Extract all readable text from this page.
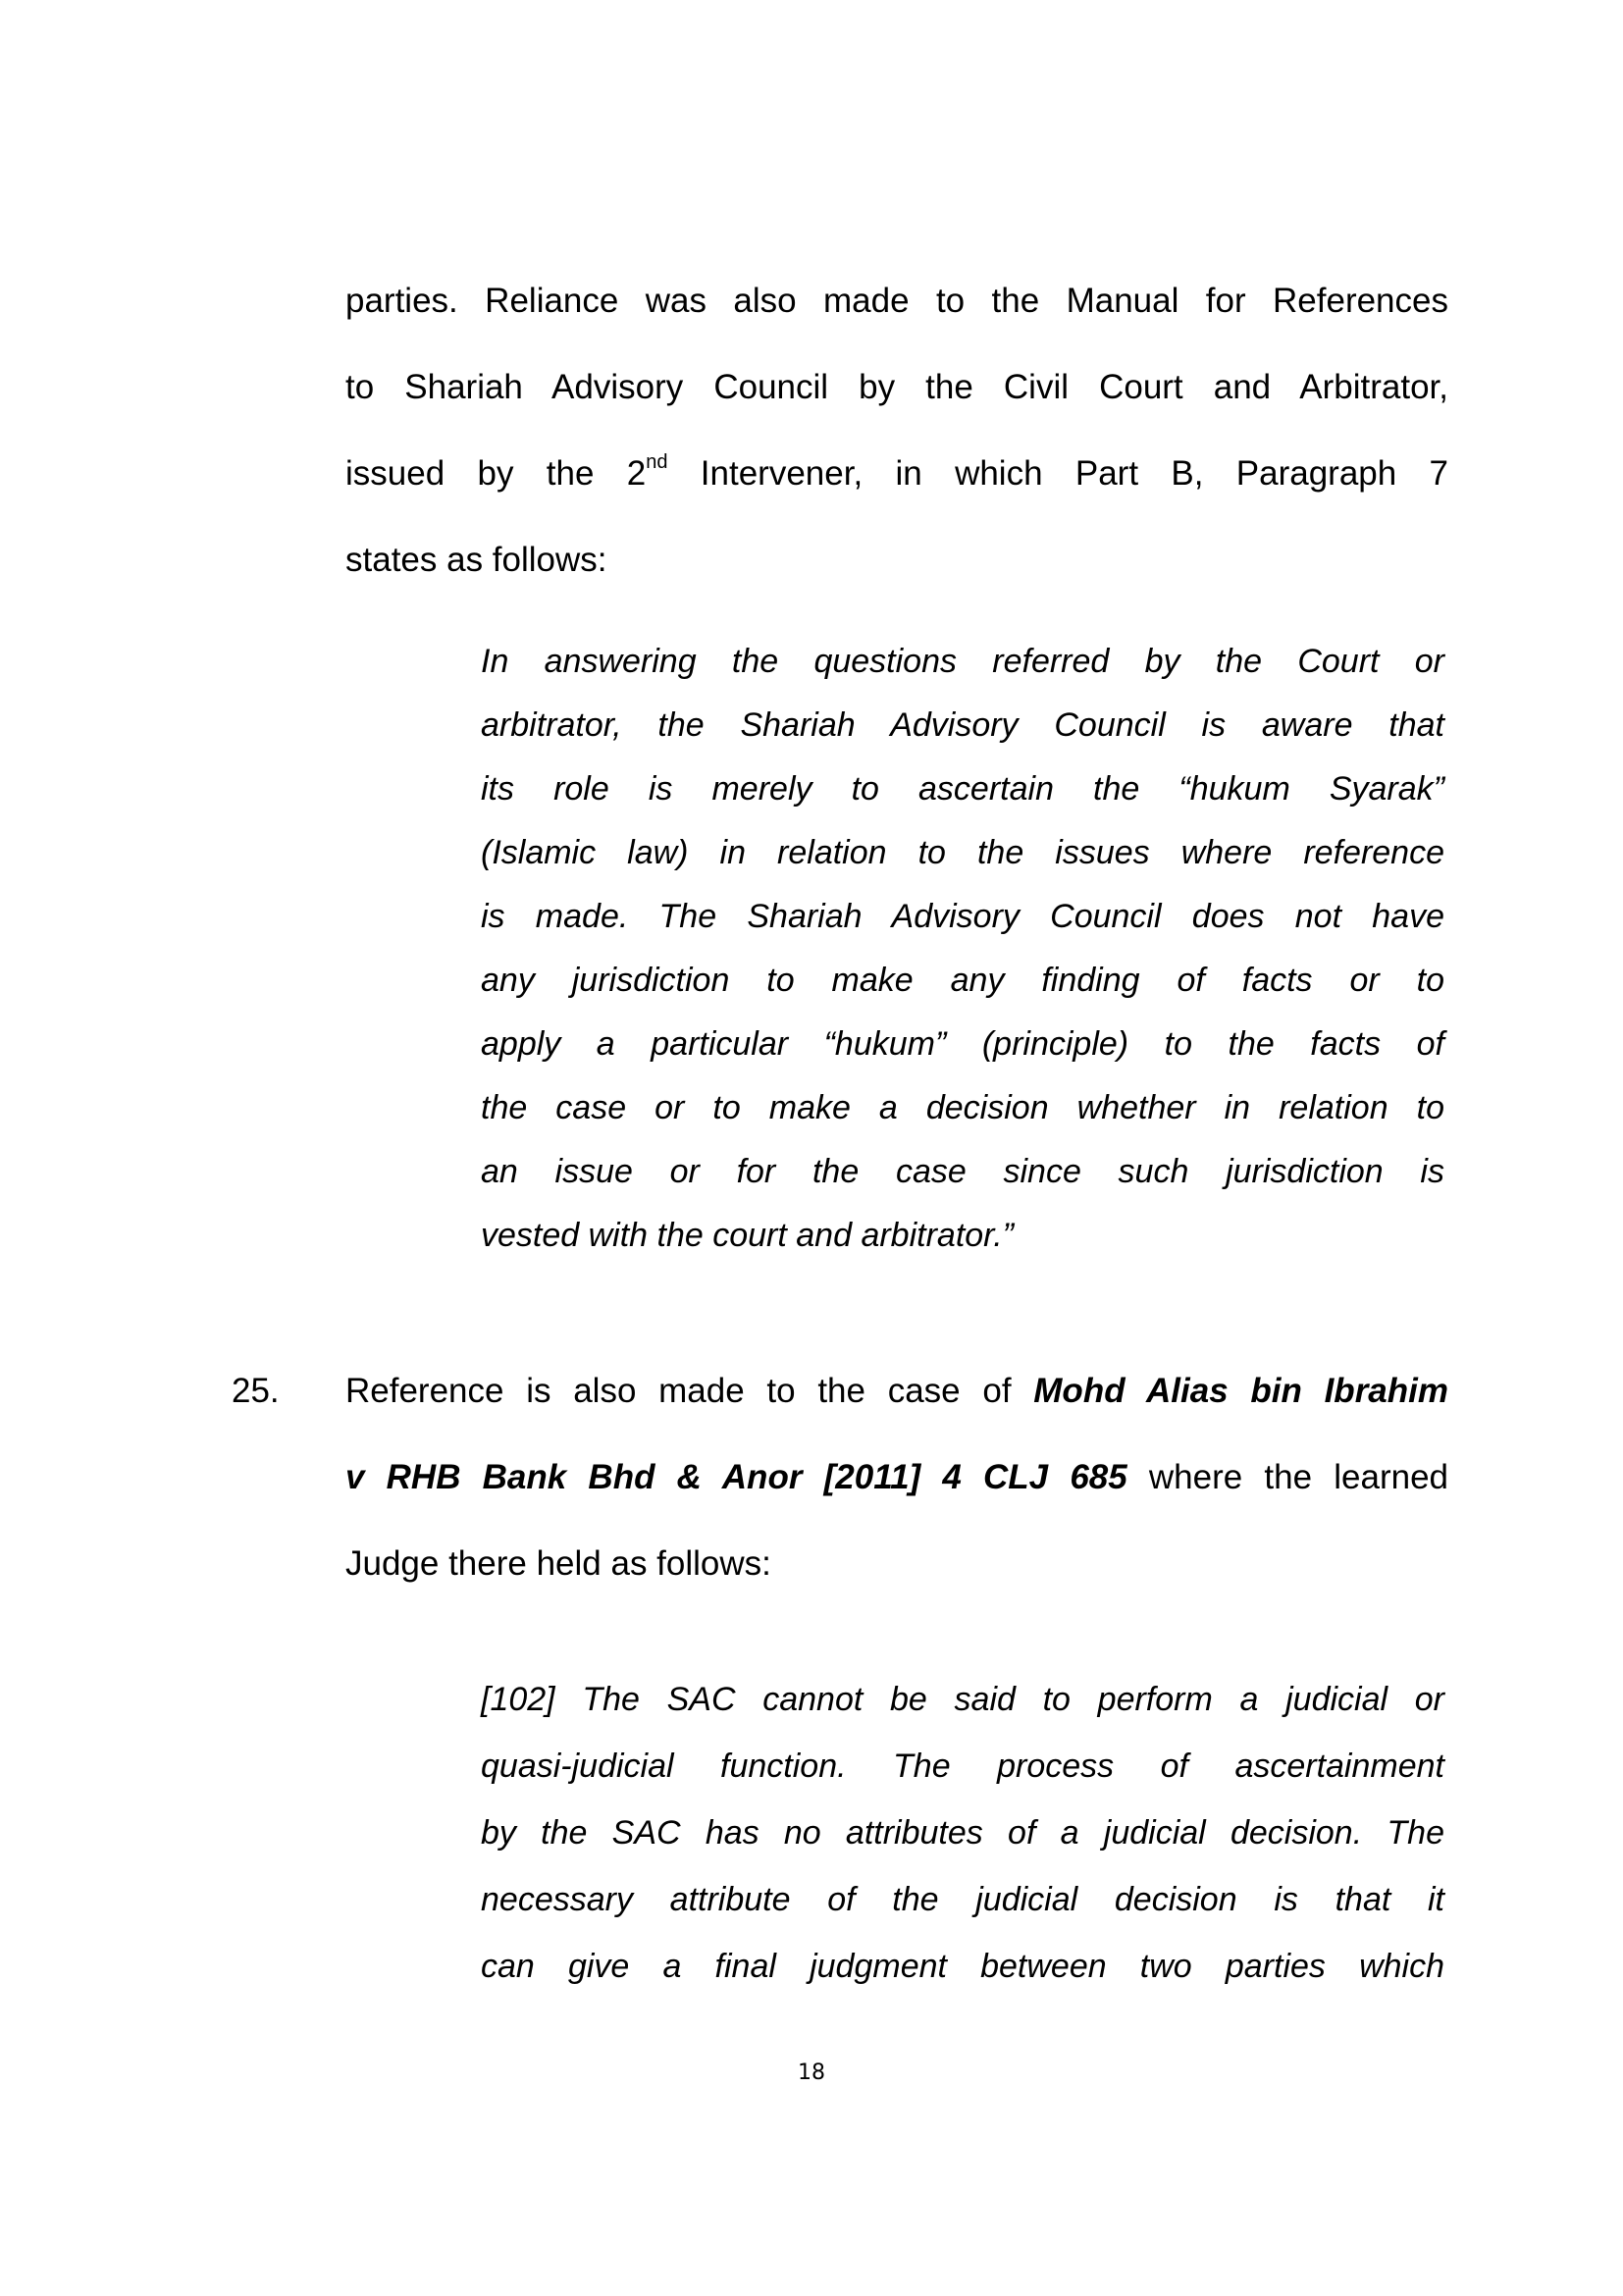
parties. Reliance was also made to the Manual for References
to Shariah Advisory Council by the Civil Court and Arbitrator,
issued by the 2nd Intervener, in which Part B, Paragraph 7
states as follows:
In answering the questions referred by the Court or
arbitrator, the Shariah Advisory Council is aware that
its role is merely to ascertain the “hukum Syarak”
(Islamic law) in relation to the issues where reference
is made. The Shariah Advisory Council does not have
any jurisdiction to make any finding of facts or to
apply a particular “hukum” (principle) to the facts of
the case or to make a decision whether in relation to
an issue or for the case since such jurisdiction is
vested with the court and arbitrator.”
25. Reference is also made to the case of Mohd Alias bin Ibrahim
v RHB Bank Bhd & Anor [2011] 4 CLJ 685 where the learned
Judge there held as follows:
[102] The SAC cannot be said to perform a judicial or
quasi-judicial function. The process of ascertainment
by the SAC has no attributes of a judicial decision. The
necessary attribute of the judicial decision is that it
can give a final judgment between two parties which
18
